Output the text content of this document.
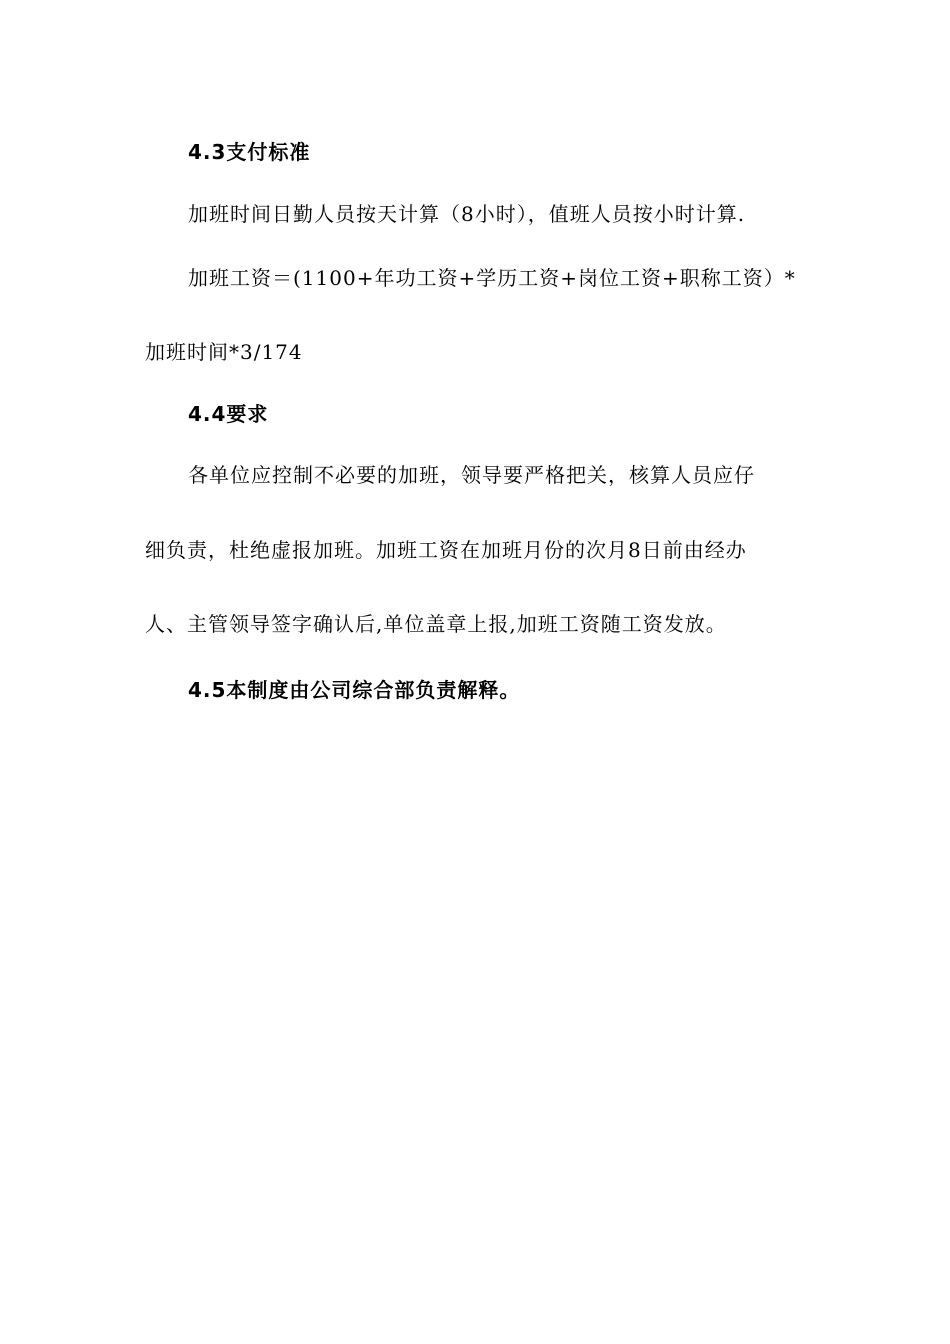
4.3支付标准
加班时间日勤人员按天计算（8小时），值班人员按小时计算.
加班工资＝(1100+年功工资+学历工资+岗位工资+职称工资）*
加班时间*3/174
4.4要求
各单位应控制不必要的加班，领导要严格把关，核算人员应仔
细负责，杜绝虚报加班。加班工资在加班月份的次月8日前由经办
人、主管领导签字确认后,单位盖章上报,加班工资随工资发放。
4.5本制度由公司综合部负责解释。
